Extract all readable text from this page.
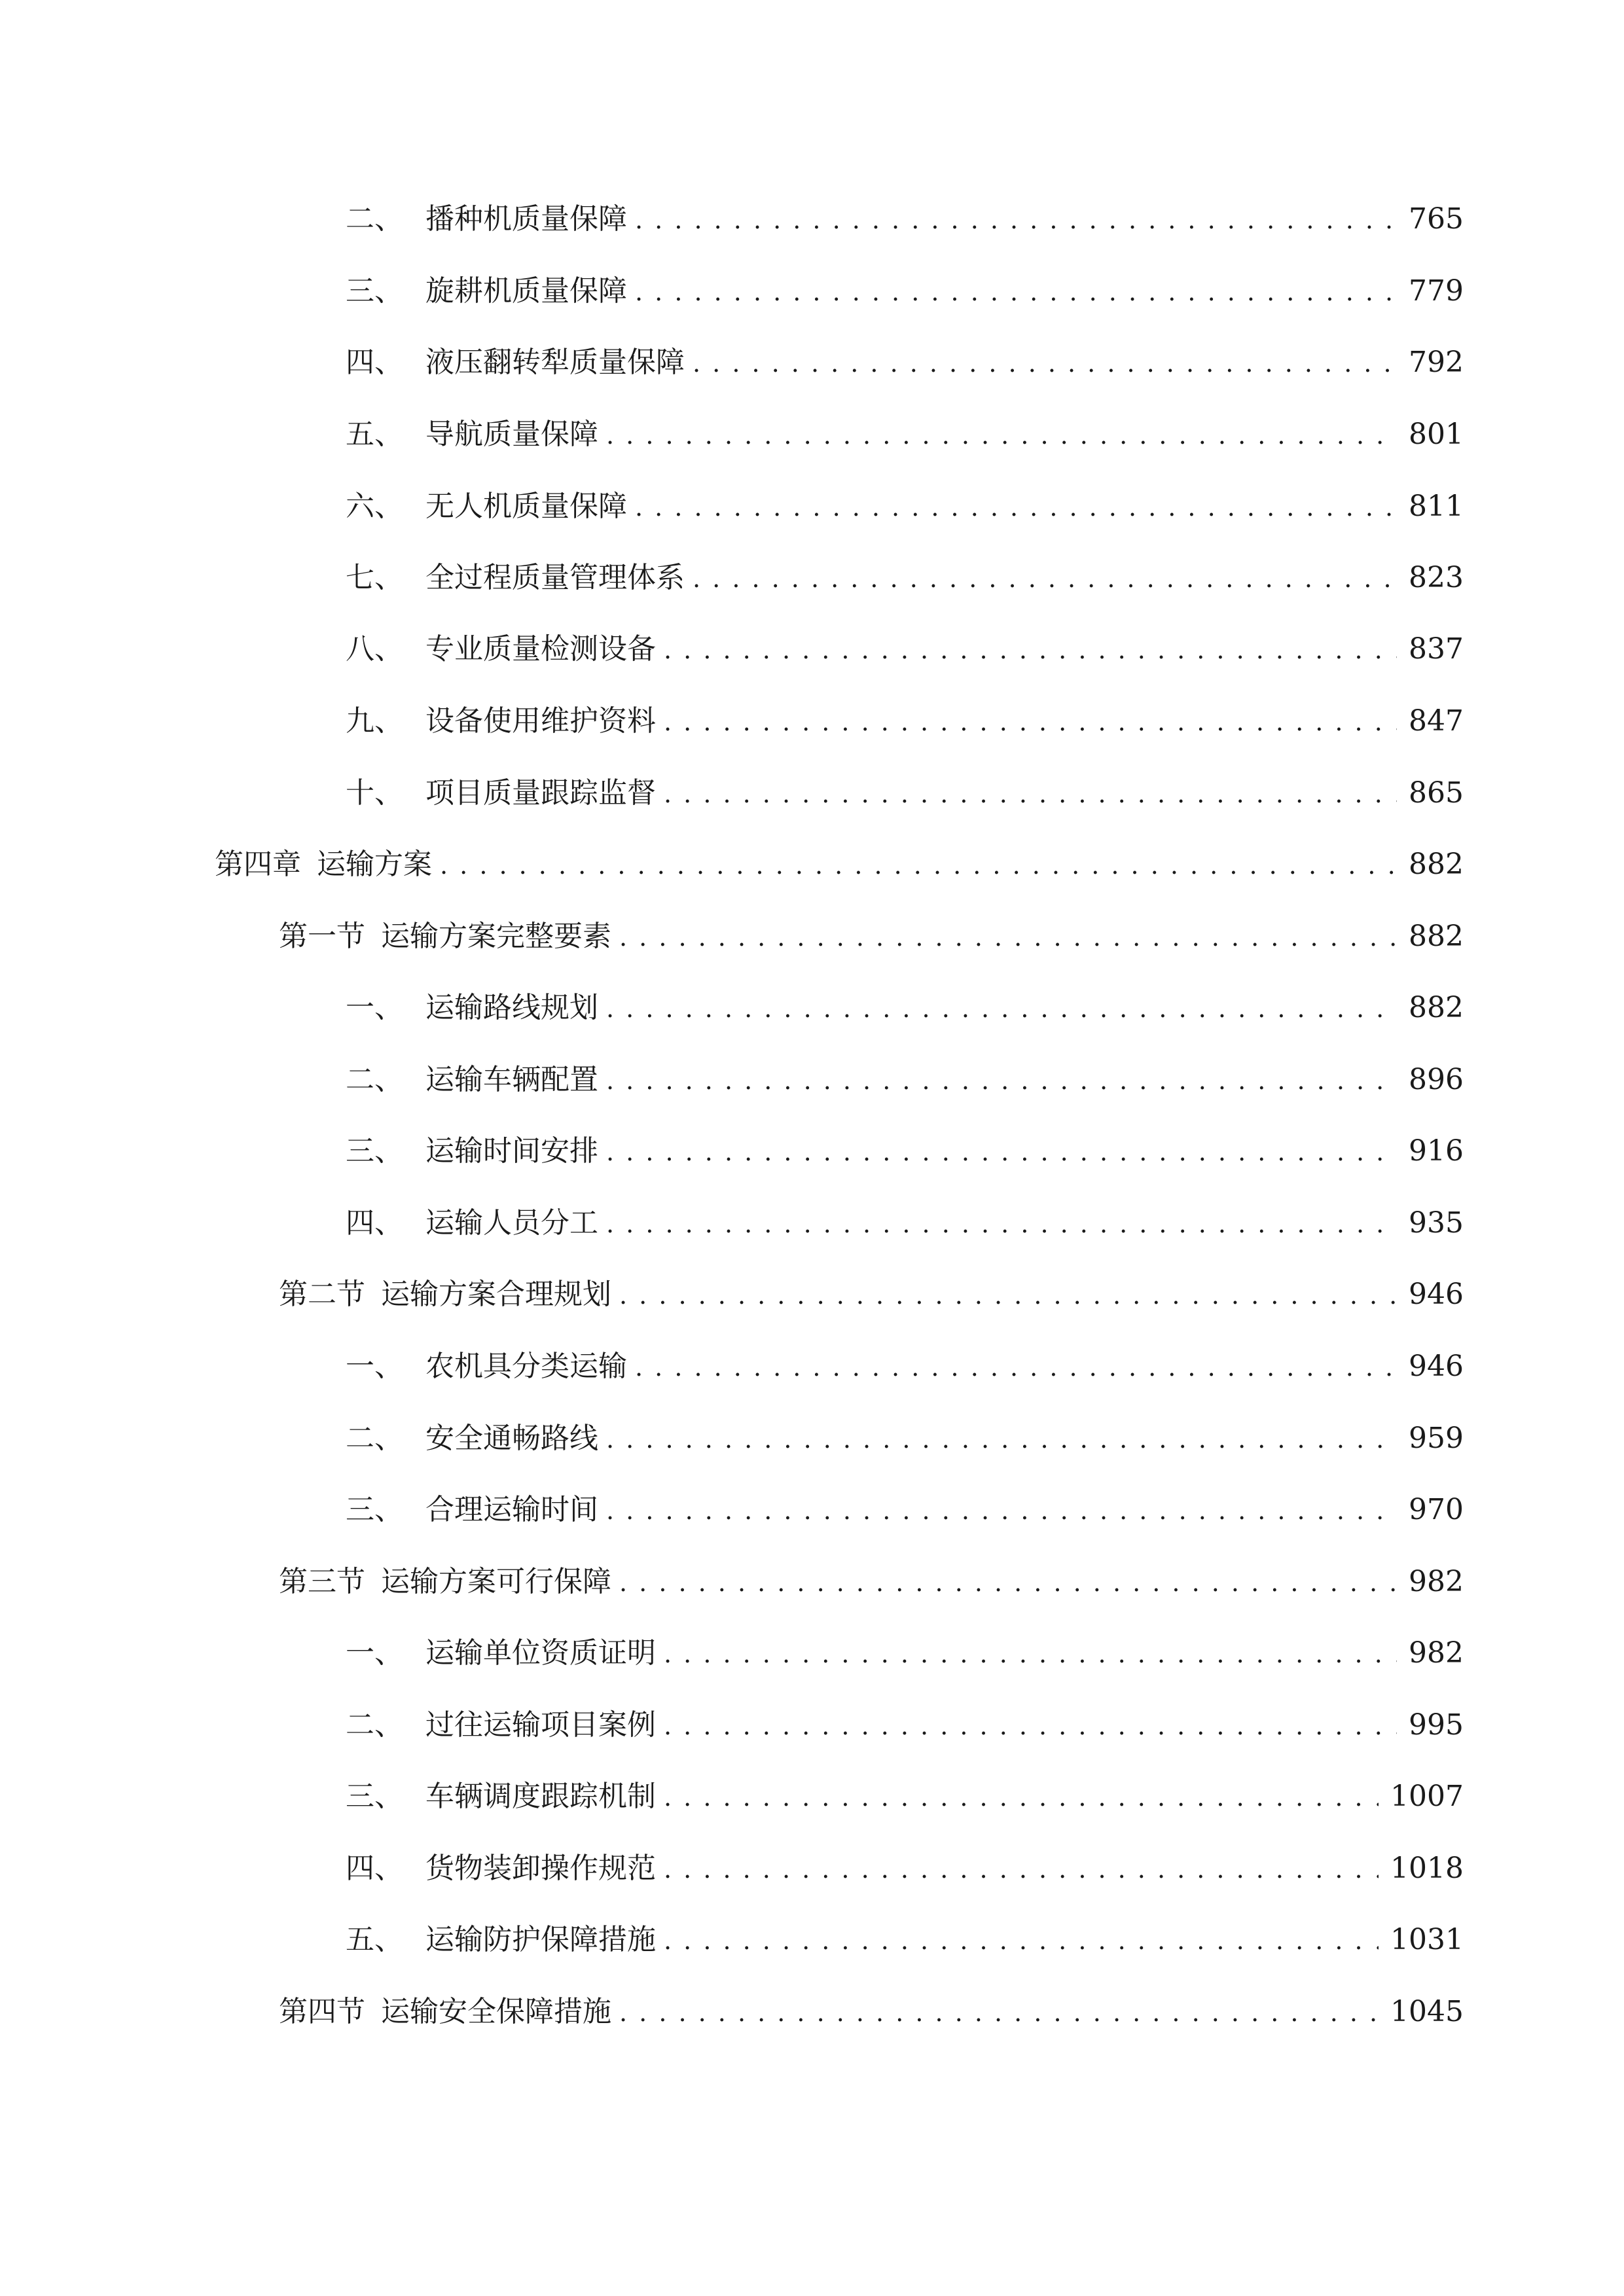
二、 播种机质量保障 . . .	765
三、 旋耕机质量保障 . . .	779
四、 液压翻转犁质量保障 . . .	792
五、 导航质量保障 . . .	801
六、 无人机质量保障 . . .	811
七、 全过程质量管理体系 . . .	823
八、 专业质量检测设备 . . .	837
九、 设备使用维护资料 . . .	847
十、 项目质量跟踪监督 . . .	865
第四章 运输方案 . . .	882
第一节 运输方案完整要素 . . .	882
一、 运输路线规划 . . .	882
二、 运输车辆配置 . . .	896
三、 运输时间安排 . . .	916
四、 运输人员分工 . . .	935
第二节 运输方案合理规划 . . .	946
一、 农机具分类运输 . . .	946
二、 安全通畅路线 . . .	959
三、 合理运输时间 . . .	970
第三节 运输方案可行保障 . . .	982
一、 运输单位资质证明 . . .	982
二、 过往运输项目案例 . . .	995
三、 车辆调度跟踪机制 . . .	1007
四、 货物装卸操作规范 . . .	1018
五、 运输防护保障措施 . . .	1031
第四节 运输安全保障措施 . . .	1045
